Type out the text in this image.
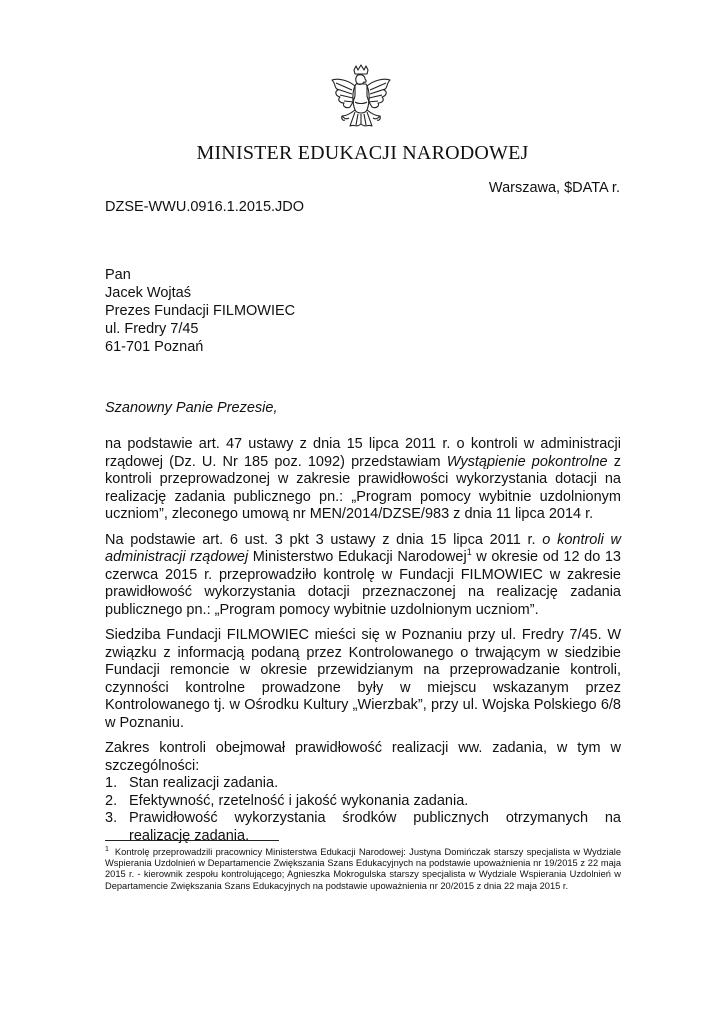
MINISTER EDUKACJI NARODOWEJ
Warszawa, $DATA r.
DZSE-WWU.0916.1.2015.JDO
Pan
Jacek Wojtaś
Prezes Fundacji FILMOWIEC
ul. Fredry 7/45
61-701 Poznań
Szanowny Panie Prezesie,

na podstawie art. 47 ustawy z dnia 15 lipca 2011 r. o kontroli w administracji rządowej (Dz. U. Nr 185 poz. 1092) przedstawiam Wystąpienie pokontrolne z kontroli przeprowadzonej w zakresie prawidłowości wykorzystania dotacji na realizację zadania publicznego pn.: „Program pomocy wybitnie uzdolnionym uczniom”, zleconego umową nr MEN/2014/DZSE/983 z dnia 11 lipca 2014 r.

Na podstawie art. 6 ust. 3 pkt 3 ustawy z dnia 15 lipca 2011 r. o kontroli w administracji rządowej Ministerstwo Edukacji Narodowej$^1$ w okresie od 12 do 13 czerwca 2015 r. przeprowadziło kontrolę w Fundacji FILMOWIEC w zakresie prawidłowość wykorzystania dotacji przeznaczonej na realizację zadania publicznego pn.: „Program pomocy wybitnie uzdolnionym uczniom”.

Siedziba Fundacji FILMOWIEC mieści się w Poznaniu przy ul. Fredry 7/45. W związku z informacją podaną przez Kontrolowanego o trwającym w siedzibie Fundacji remoncie w okresie przewidzianym na przeprowadzanie kontroli, czynności kontrolne prowadzone były w miejscu wskazanym przez Kontrolowanego tj. w Ośrodku Kultury „Wierzbak”, przy ul. Wojska Polskiego 6/8 w Poznaniu.

Zakres kontroli obejmował prawidłowość realizacji ww. zadania, w tym w szczególności:

1. Stan realizacji zadania.
2. Efektywność, rzetelność i jakość wykonania zadania.
3. Prawidłowość wykorzystania środków publicznych otrzymanych na realizację zadania.
$^1$ Kontrolę przeprowadzili pracownicy Ministerstwa Edukacji Narodowej: Justyna Domińczak starszy specjalista w Wydziale Wspierania Uzdolnień w Departamencie Zwiększania Szans Edukacyjnych na podstawie upoważnienia nr 19/2015 z 22 maja 2015 r. - kierownik zespołu kontrolującego; Agnieszka Mokrogulska starszy specjalista w Wydziale Wspierania Uzdolnień w Departamencie Zwiększania Szans Edukacyjnych na podstawie upoważnienia nr 20/2015 z dnia 22 maja 2015 r.
